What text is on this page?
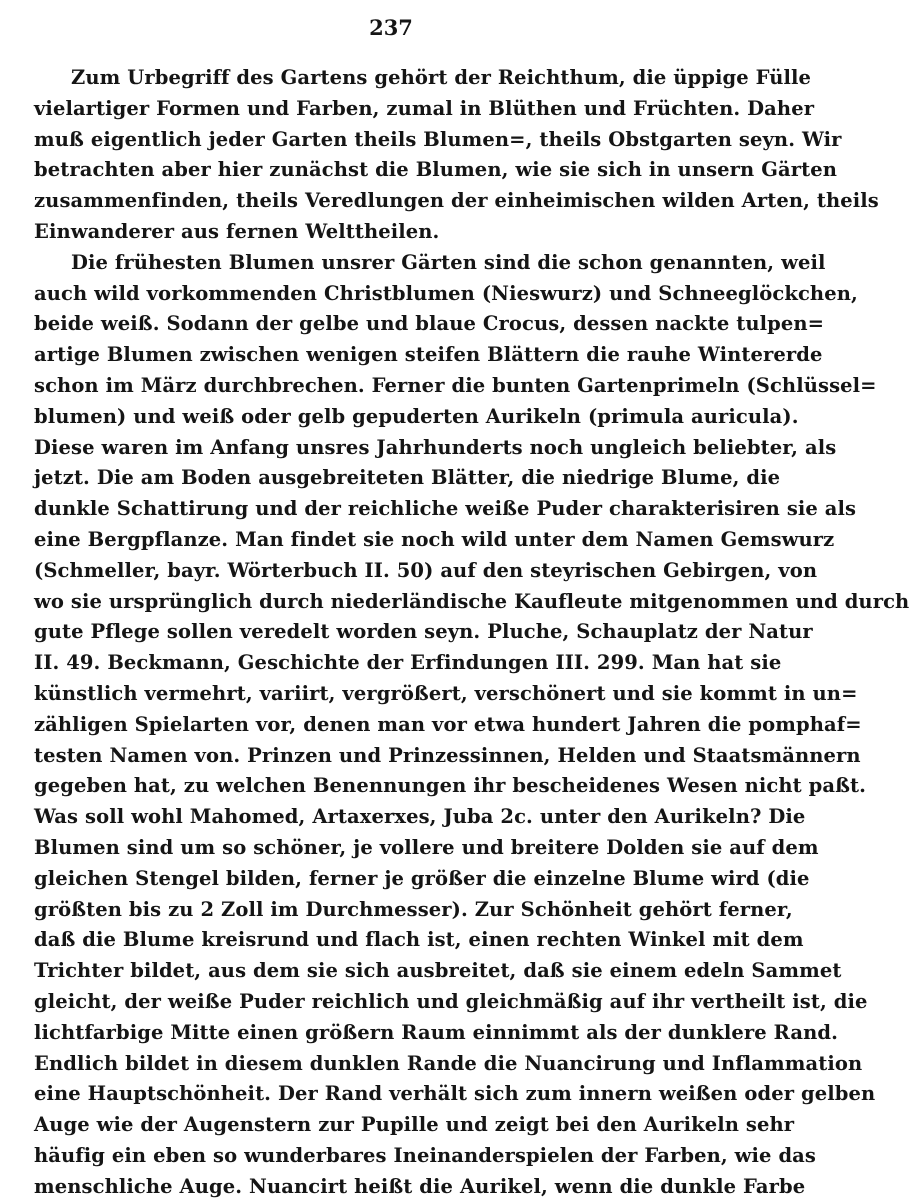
237
Zum Urbegriff des Gartens gehört der Reichthum, die üppige Fülle
vielartiger Formen und Farben, zumal in Blüthen und Früchten. Daher
muß eigentlich jeder Garten theils Blumen=, theils Obstgarten seyn. Wir
betrachten aber hier zunächst die Blumen, wie sie sich in unsern Gärten
zusammenfinden, theils Veredlungen der einheimischen wilden Arten, theils
Einwanderer aus fernen Welttheilen.
Die frühesten Blumen unsrer Gärten sind die schon genannten, weil
auch wild vorkommenden Christblumen (Nieswurz) und Schneeglöckchen,
beide weiß. Sodann der gelbe und blaue Crocus, dessen nackte tulpen=
artige Blumen zwischen wenigen steifen Blättern die rauhe Wintererde
schon im März durchbrechen. Ferner die bunten Gartenprimeln (Schlüssel=
blumen) und weiß oder gelb gepuderten Aurikeln (primula auricula).
Diese waren im Anfang unsres Jahrhunderts noch ungleich beliebter, als
jetzt. Die am Boden ausgebreiteten Blätter, die niedrige Blume, die
dunkle Schattirung und der reichliche weiße Puder charakterisiren sie als
eine Bergpflanze. Man findet sie noch wild unter dem Namen Gemswurz
(Schmeller, bayr. Wörterbuch II. 50) auf den steyrischen Gebirgen, von
wo sie ursprünglich durch niederländische Kaufleute mitgenommen und durch
gute Pflege sollen veredelt worden seyn. Pluche, Schauplatz der Natur
II. 49. Beckmann, Geschichte der Erfindungen III. 299. Man hat sie
künstlich vermehrt, variirt, vergrößert, verschönert und sie kommt in un=
zähligen Spielarten vor, denen man vor etwa hundert Jahren die pomphaf=
testen Namen von. Prinzen und Prinzessinnen, Helden und Staatsmännern
gegeben hat, zu welchen Benennungen ihr bescheidenes Wesen nicht paßt.
Was soll wohl Mahomed, Artaxerxes, Juba 2c. unter den Aurikeln? Die
Blumen sind um so schöner, je vollere und breitere Dolden sie auf dem
gleichen Stengel bilden, ferner je größer die einzelne Blume wird (die
größten bis zu 2 Zoll im Durchmesser). Zur Schönheit gehört ferner,
daß die Blume kreisrund und flach ist, einen rechten Winkel mit dem
Trichter bildet, aus dem sie sich ausbreitet, daß sie einem edeln Sammet
gleicht, der weiße Puder reichlich und gleichmäßig auf ihr vertheilt ist, die
lichtfarbige Mitte einen größern Raum einnimmt als der dunklere Rand.
Endlich bildet in diesem dunklen Rande die Nuancirung und Inflammation
eine Hauptschönheit. Der Rand verhält sich zum innern weißen oder gelben
Auge wie der Augenstern zur Pupille und zeigt bei den Aurikeln sehr
häufig ein eben so wunderbares Ineinanderspielen der Farben, wie das
menschliche Auge. Nuancirt heißt die Aurikel, wenn die dunkle Farbe
